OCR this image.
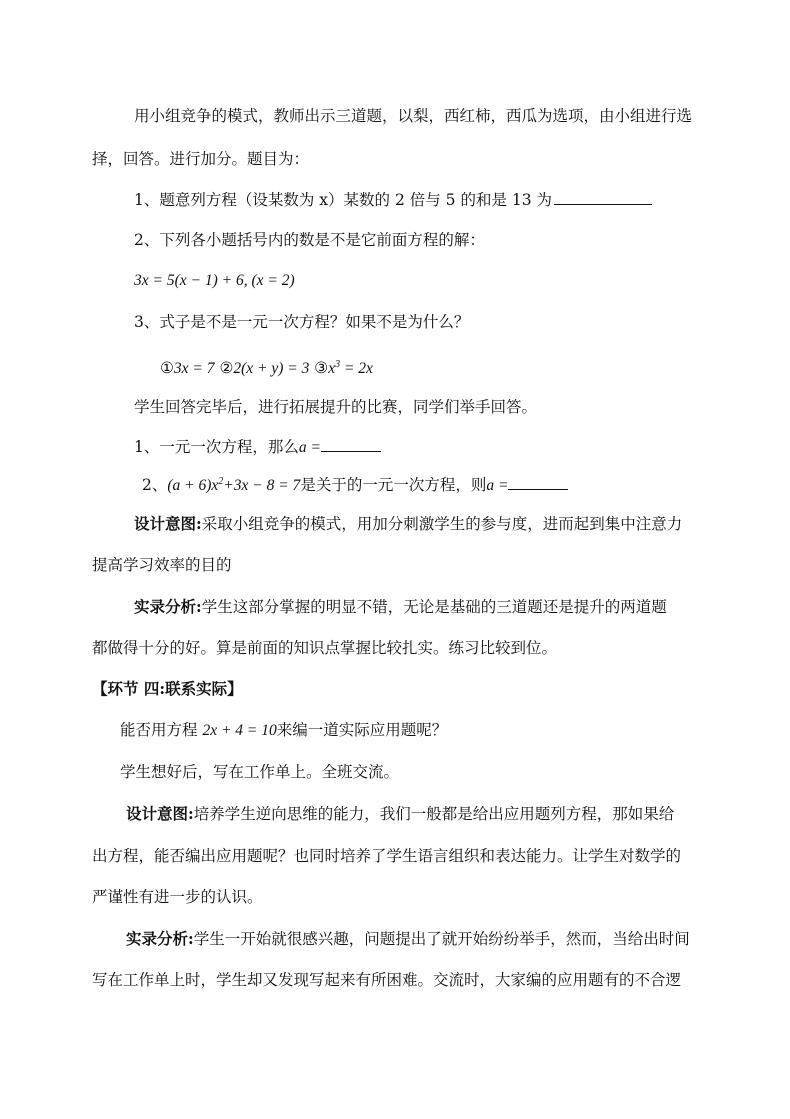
用小组竞争的模式，教师出示三道题，以梨，西红柿，西瓜为选项，由小组进行选
择，回答。进行加分。题目为：
1、题意列方程（设某数为 x）某数的 2 倍与 5 的和是 13 为
2、下列各小题括号内的数是不是它前面方程的解：
3x = 5(x − 1) + 6, (x = 2)
3、式子是不是一元一次方程？如果不是为什么？
①3x = 7 ②2(x + y) = 3 $③x^3 = 2x$
学生回答完毕后，进行拓展提升的比赛，同学们举手回答。
1、一元一次方程，那么a =
2、$(a + 6)x^2+3x - 8 = 7$是关于的一元一次方程，则a =
设计意图:采取小组竞争的模式，用加分刺激学生的参与度，进而起到集中注意力
提高学习效率的目的
实录分析:学生这部分掌握的明显不错，无论是基础的三道题还是提升的两道题
都做得十分的好。算是前面的知识点掌握比较扎实。练习比较到位。
【环节 四:联系实际】
能否用方程 2x + 4 = 10来编一道实际应用题呢？
学生想好后，写在工作单上。全班交流。
设计意图:培养学生逆向思维的能力，我们一般都是给出应用题列方程，那如果给
出方程，能否编出应用题呢？也同时培养了学生语言组织和表达能力。让学生对数学的
严谨性有进一步的认识。
实录分析:学生一开始就很感兴趣，问题提出了就开始纷纷举手，然而，当给出时间
写在工作单上时，学生却又发现写起来有所困难。交流时，大家编的应用题有的不合逻
